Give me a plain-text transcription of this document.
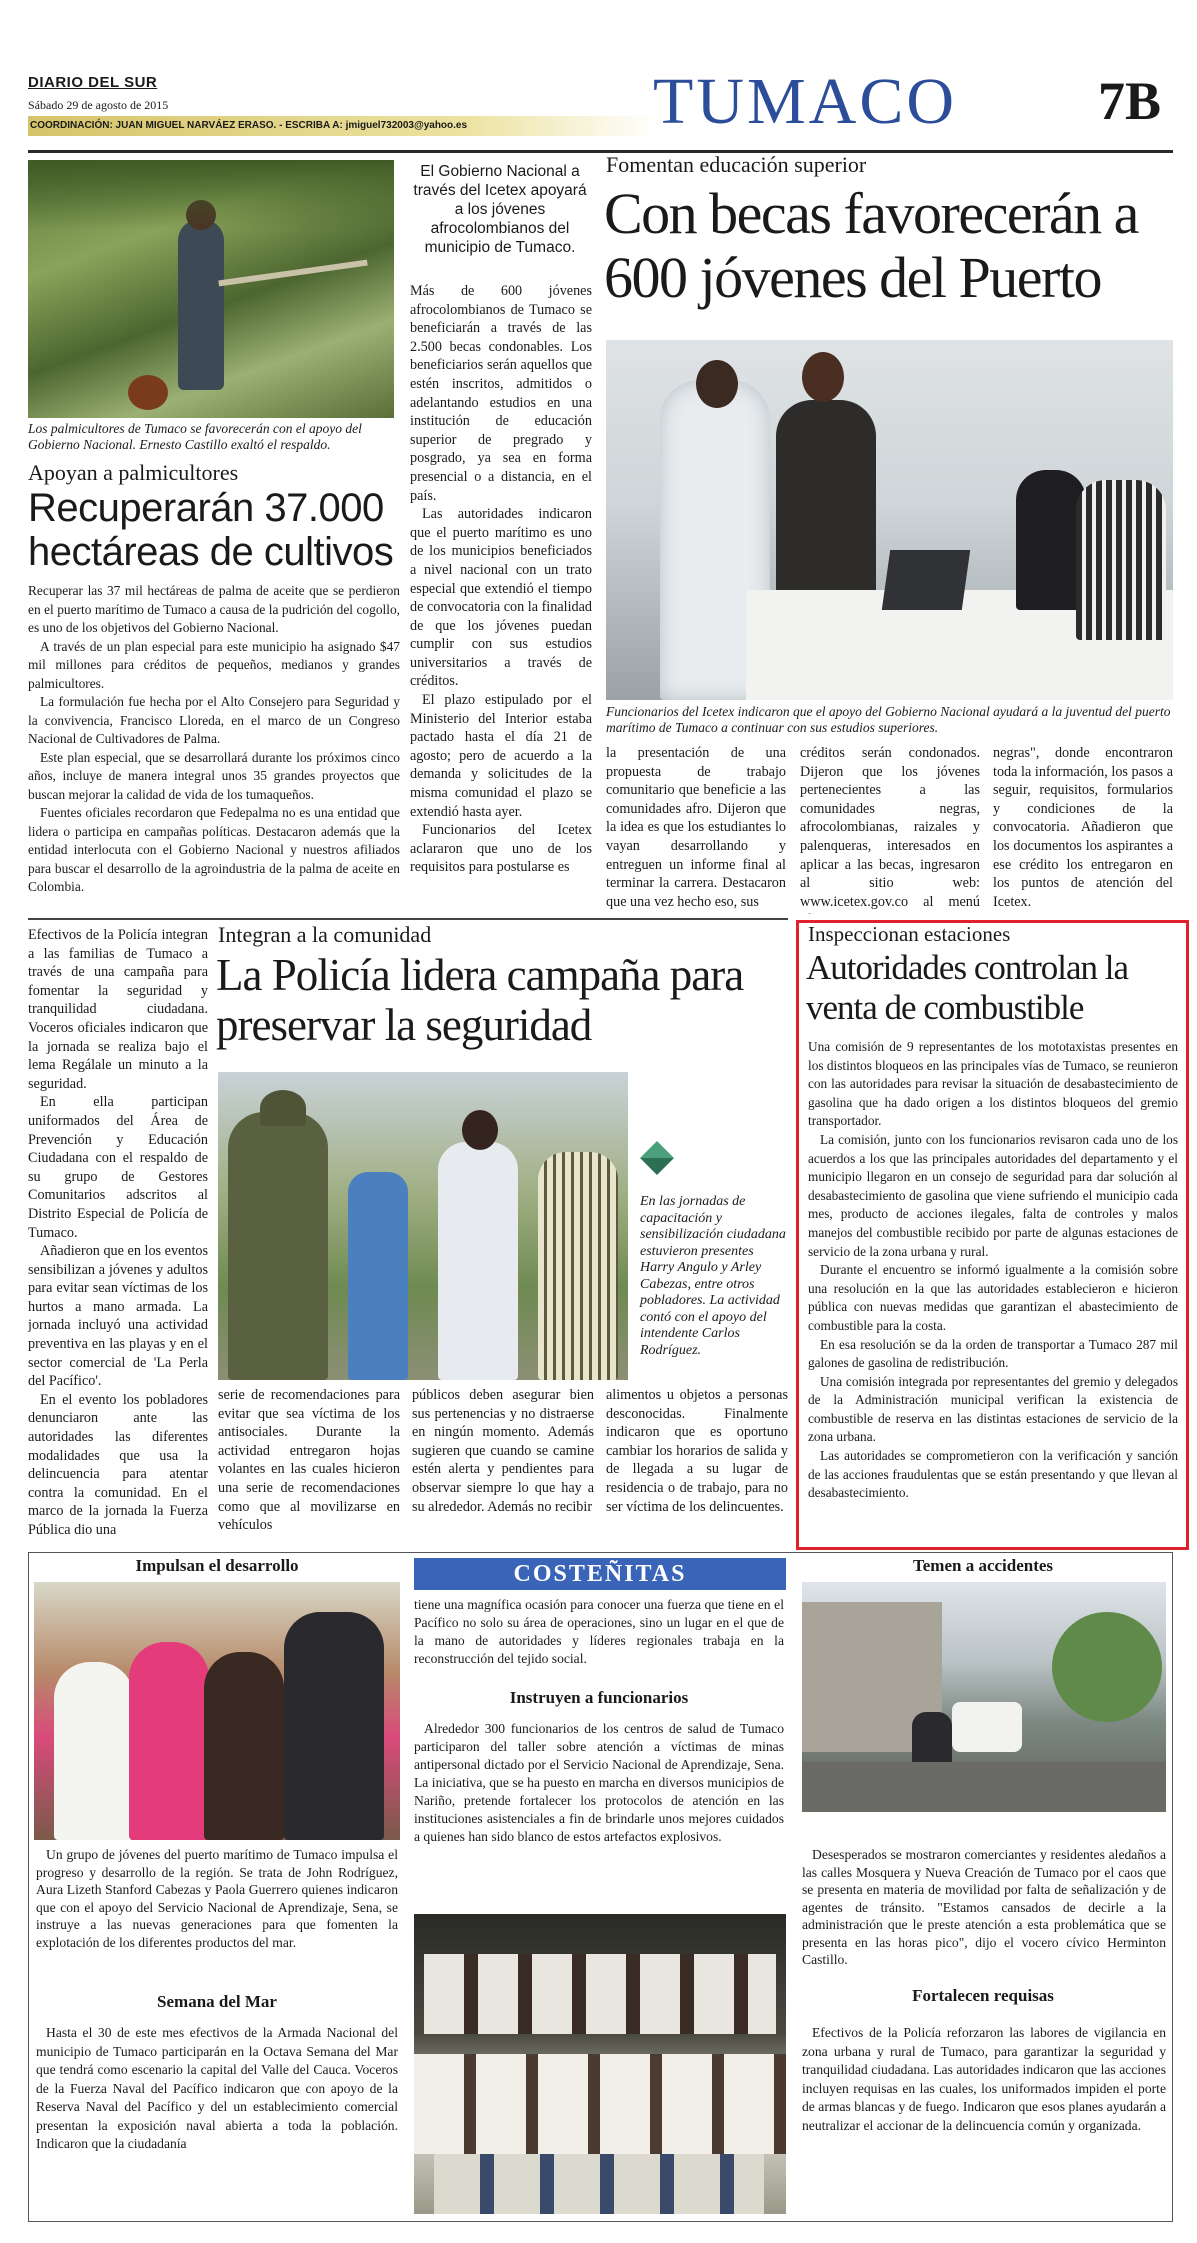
DIARIO DEL SUR
Sábado 29 de agosto de 2015
COORDINACIÓN: JUAN MIGUEL NARVÁEZ ERASO. - ESCRIBA A: jmiguel732003@yahoo.es	TUMACO	7B
Los palmicultores de Tumaco se favorecerán con el apoyo del Gobierno Nacional. Ernesto Castillo exaltó el respaldo.
Apoyan a palmicultores
Recuperarán 37.000 hectáreas de cultivos

Recuperar las 37 mil hectáreas de palma de aceite que se perdieron en el puerto marítimo de Tumaco a causa de la pudrición del cogollo, es uno de los objetivos del Gobierno Nacional.

A través de un plan especial para este municipio ha asignado $47 mil millones para créditos de pequeños, medianos y grandes palmicultores.

La formulación fue hecha por el Alto Consejero para Seguridad y la convivencia, Francisco Lloreda, en el marco de un Congreso Nacional de Cultivadores de Palma.

Este plan especial, que se desarrollará durante los próximos cinco años, incluye de manera integral unos 35 grandes proyectos que buscan mejorar la calidad de vida de los tumaqueños.

Fuentes oficiales recordaron que Fedepalma no es una entidad que lidera o participa en campañas políticas. Destacaron además que la entidad interlocuta con el Gobierno Nacional y nuestros afiliados para buscar el desarrollo de la agroindustria de la palma de aceite en Colombia.

El Gobierno Nacional a través del Icetex apoyará a los jóvenes afrocolombianos del municipio de Tumaco.

Más de 600 jóvenes afrocolombianos de Tumaco se beneficiarán a través de las 2.500 becas condonables. Los beneficiarios serán aquellos que estén inscritos, admitidos o adelantando estudios en una institución de educación superior de pregrado y posgrado, ya sea en forma presencial o a distancia, en el país.

Las autoridades indicaron que el puerto marítimo es uno de los municipios beneficiados a nivel nacional con un trato especial que extendió el tiempo de convocatoria con la finalidad de que los jóvenes puedan cumplir con sus estudios universitarios a través de créditos.

El plazo estipulado por el Ministerio del Interior estaba pactado hasta el día 21 de agosto; pero de acuerdo a la demanda y solicitudes de la misma comunidad el plazo se extendió hasta ayer.

Funcionarios del Icetex aclararon que uno de los requisitos para postularse es

Fomentan educación superior
Con becas favorecerán a 600 jóvenes del Puerto
Funcionarios del Icetex indicaron que el apoyo del Gobierno Nacional ayudará a la juventud del puerto marítimo de Tumaco a continuar con sus estudios superiores.

la presentación de una propuesta de trabajo comunitario que beneficie a las comunidades afro. Dijeron que la idea es que los estudiantes lo vayan desarrollando y entreguen un informe final al terminar la carrera. Destacaron que una vez hecho eso, sus

créditos serán condonados. Dijeron que los jóvenes pertenecientes a las comunidades negras, afrocolombianas, raizales y palenqueras, interesados en aplicar a las becas, ingresaron al sitio web: www.icetex.gov.co al menú

negras", donde encontraron toda la información, los pasos a seguir, requisitos, formularios y condiciones de la convocatoria. Añadieron que los documentos los aspirantes a ese crédito los entregaron en los puntos de atención del Icetex.

Efectivos de la Policía integran a las familias de Tumaco a través de una campaña para fomentar la seguridad y tranquilidad ciudadana. Voceros oficiales indicaron que la jornada se realiza bajo el lema Regálale un minuto a la seguridad.

En ella participan uniformados del Área de Prevención y Educación Ciudadana con el respaldo de su grupo de Gestores Comunitarios adscritos al Distrito Especial de Policía de Tumaco.

Añadieron que en los eventos sensibilizan a jóvenes y adultos para evitar sean víctimas de los hurtos a mano armada. La jornada incluyó una actividad preventiva en las playas y en el sector comercial de 'La Perla del Pacífico'.

En el evento los pobladores denunciaron ante las autoridades las diferentes modalidades que usa la delincuencia para atentar contra la comunidad. En el marco de la jornada la Fuerza Pública dio una

Integran a la comunidad
La Policía lidera campaña para preservar la seguridad
En las jornadas de capacitación y sensibilización ciudadana estuvieron presentes Harry Angulo y Arley Cabezas, entre otros pobladores. La actividad contó con el apoyo del intendente Carlos Rodríguez.

serie de recomendaciones para evitar que sea víctima de los antisociales. Durante la actividad entregaron hojas volantes en las cuales hicieron una serie de recomendaciones como que al movilizarse en vehículos

públicos deben asegurar bien sus pertenencias y no distraerse en ningún momento. Además sugieren que cuando se camine estén alerta y pendientes para observar siempre lo que hay a su alrededor. Además no recibir

alimentos u objetos a personas desconocidas. Finalmente indicaron que es oportuno cambiar los horarios de salida y de llegada a su lugar de residencia o de trabajo, para no ser víctima de los delincuentes.

Inspeccionan estaciones
Autoridades controlan la venta de combustible

Una comisión de 9 representantes de los mototaxistas presentes en los distintos bloqueos en las principales vías de Tumaco, se reunieron con las autoridades para revisar la situación de desabastecimiento de gasolina que ha dado origen a los distintos bloqueos del gremio transportador.

La comisión, junto con los funcionarios revisaron cada uno de los acuerdos a los que las principales autoridades del departamento y el municipio llegaron en un consejo de seguridad para dar solución al desabastecimiento de gasolina que viene sufriendo el municipio cada mes, producto de acciones ilegales, falta de controles y malos manejos del combustible recibido por parte de algunas estaciones de servicio de la zona urbana y rural.

Durante el encuentro se informó igualmente a la comisión sobre una resolución en la que las autoridades establecieron e hicieron pública con nuevas medidas que garantizan el abastecimiento de combustible para la costa.

En esa resolución se da la orden de transportar a Tumaco 287 mil galones de gasolina de redistribución.

Una comisión integrada por representantes del gremio y delegados de la Administración municipal verifican la existencia de combustible de reserva en las distintas estaciones de servicio de la zona urbana.

Las autoridades se comprometieron con la verificación y sanción de las acciones fraudulentas que se están presentando y que llevan al desabastecimiento.

Impulsan el desarrollo

Un grupo de jóvenes del puerto marítimo de Tumaco impulsa el progreso y desarrollo de la región. Se trata de John Rodríguez, Aura Lizeth Stanford Cabezas y Paola Guerrero quienes indicaron que con el apoyo del Servicio Nacional de Aprendizaje, Sena, se instruye a las nuevas generaciones para que fomenten la explotación de los diferentes productos del mar.

Semana del Mar

Hasta el 30 de este mes efectivos de la Armada Nacional del municipio de Tumaco participarán en la Octava Semana del Mar que tendrá como escenario la capital del Valle del Cauca. Voceros de la Fuerza Naval del Pacífico indicaron que con apoyo de la Reserva Naval del Pacífico y del un establecimiento comercial presentan la exposición naval abierta a toda la población. Indicaron que la ciudadanía

COSTEÑITAS

tiene una magnífica ocasión para conocer una fuerza que tiene en el Pacífico no solo su área de operaciones, sino un lugar en el que de la mano de autoridades y líderes regionales trabaja en la reconstrucción del tejido social.

Instruyen a funcionarios

Alrededor 300 funcionarios de los centros de salud de Tumaco participaron del taller sobre atención a víctimas de minas antipersonal dictado por el Servicio Nacional de Aprendizaje, Sena. La iniciativa, que se ha puesto en marcha en diversos municipios de Nariño, pretende fortalecer los protocolos de atención en las instituciones asistenciales a fin de brindarle unos mejores cuidados a quienes han sido blanco de estos artefactos explosivos.

Temen a accidentes

Desesperados se mostraron comerciantes y residentes aledaños a las calles Mosquera y Nueva Creación de Tumaco por el caos que se presenta en materia de movilidad por falta de señalización y de agentes de tránsito. "Estamos cansados de decirle a la administración que le preste atención a esta problemática que se presenta en las horas pico", dijo el vocero cívico Herminton Castillo.

Fortalecen requisas

Efectivos de la Policía reforzaron las labores de vigilancia en zona urbana y rural de Tumaco, para garantizar la seguridad y tranquilidad ciudadana. Las autoridades indicaron que las acciones incluyen requisas en las cuales, los uniformados impiden el porte de armas blancas y de fuego. Indicaron que esos planes ayudarán a neutralizar el accionar de la delincuencia común y organizada.
